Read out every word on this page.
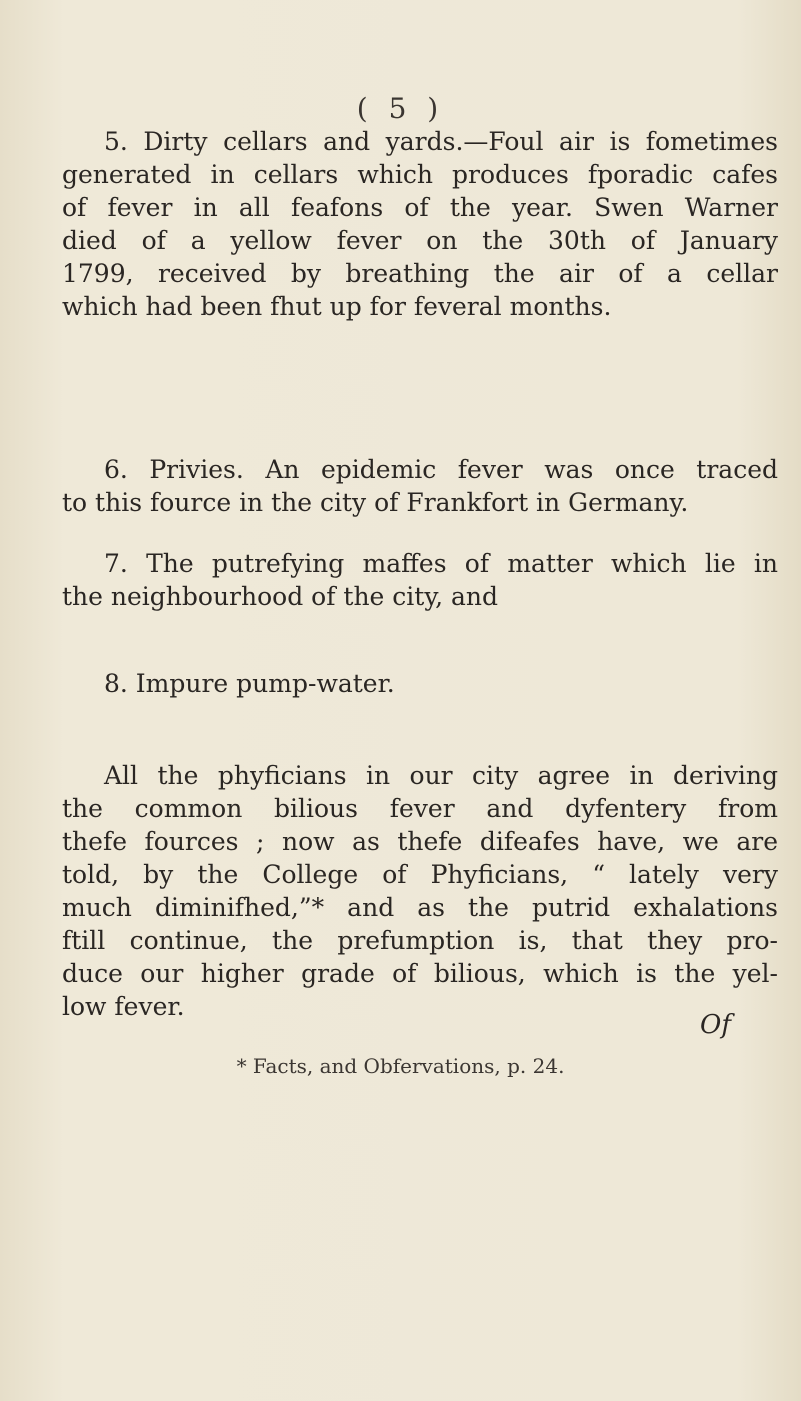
( 5 )
5. Dirty cellars and yards.—Foul air is fometimes
generated in cellars which produces fporadic cafes
of fever in all feafons of the year. Swen Warner
died of a yellow fever on the 30th of January
1799, received by breathing the air of a cellar
which had been fhut up for feveral months.
6. Privies. An epidemic fever was once traced
to this fource in the city of Frankfort in Germany.
7. The putrefying maffes of matter which lie in
the neighbourhood of the city, and
8. Impure pump-water.
All the phyficians in our city agree in deriving
the common bilious fever and dyfentery from
thefe fources ; now as thefe difeafes have, we are
told, by the College of Phyficians, “ lately very
much diminifhed,”* and as the putrid exhalations
ftill continue, the prefumption is, that they pro-
duce our higher grade of bilious, which is the yel-
low fever.
Of
* Facts, and Obfervations, p. 24.
